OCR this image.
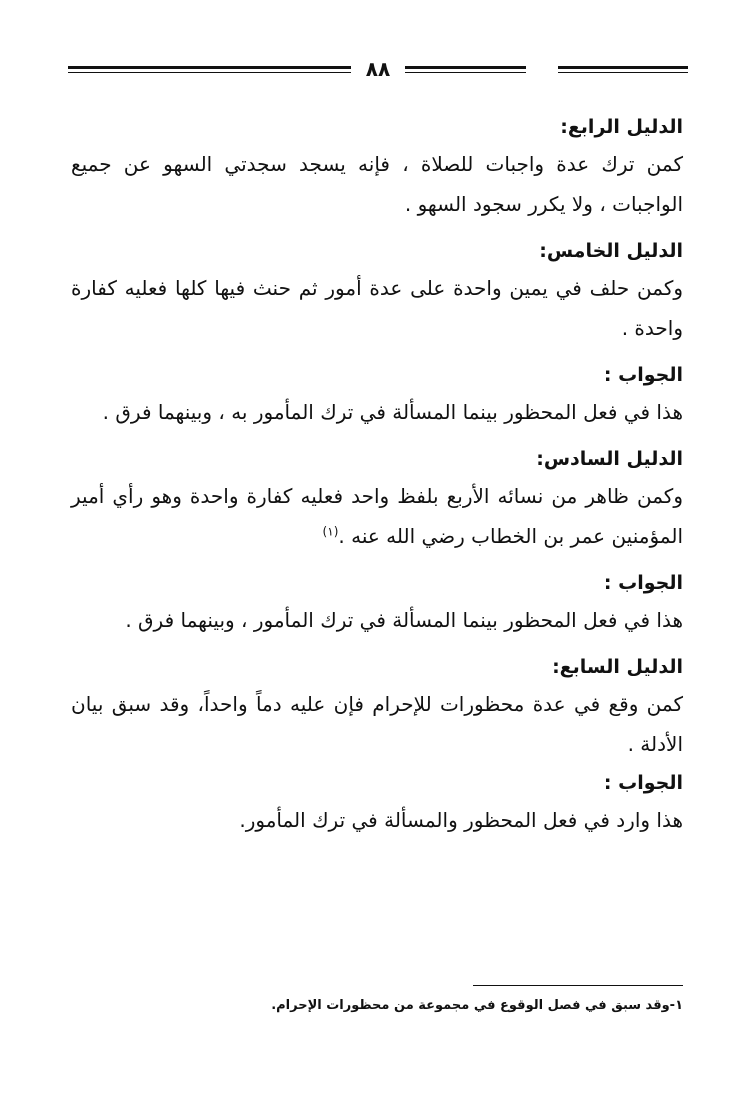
٨٨
الدليل الرابع:

كمن ترك عدة واجبات للصلاة ، فإنه يسجد سجدتي السهو عن جميع الواجبات ، ولا يكرر سجود السهو .

الدليل الخامس:

وكمن حلف في يمين واحدة على عدة أمور ثم حنث فيها كلها فعليه كفارة واحدة .

الجواب :

هذا في فعل المحظور بينما المسألة في ترك المأمور به ، وبينهما فرق .

الدليل السادس:

وكمن ظاهر من نسائه الأربع بلفظ واحد فعليه كفارة واحدة وهو رأي أمير المؤمنين عمر بن الخطاب رضي الله عنه .$^{(١)}$

الجواب :

هذا في فعل المحظور بينما المسألة في ترك المأمور ، وبينهما فرق .

الدليل السابع:

كمن وقع في عدة محظورات للإحرام فإن عليه دماً واحداً، وقد سبق بيان الأدلة .

الجواب :

هذا وارد في فعل المحظور والمسألة في ترك المأمور.

١-وقد سبق في فصل الوقوع في مجموعة من محظورات الإحرام.
